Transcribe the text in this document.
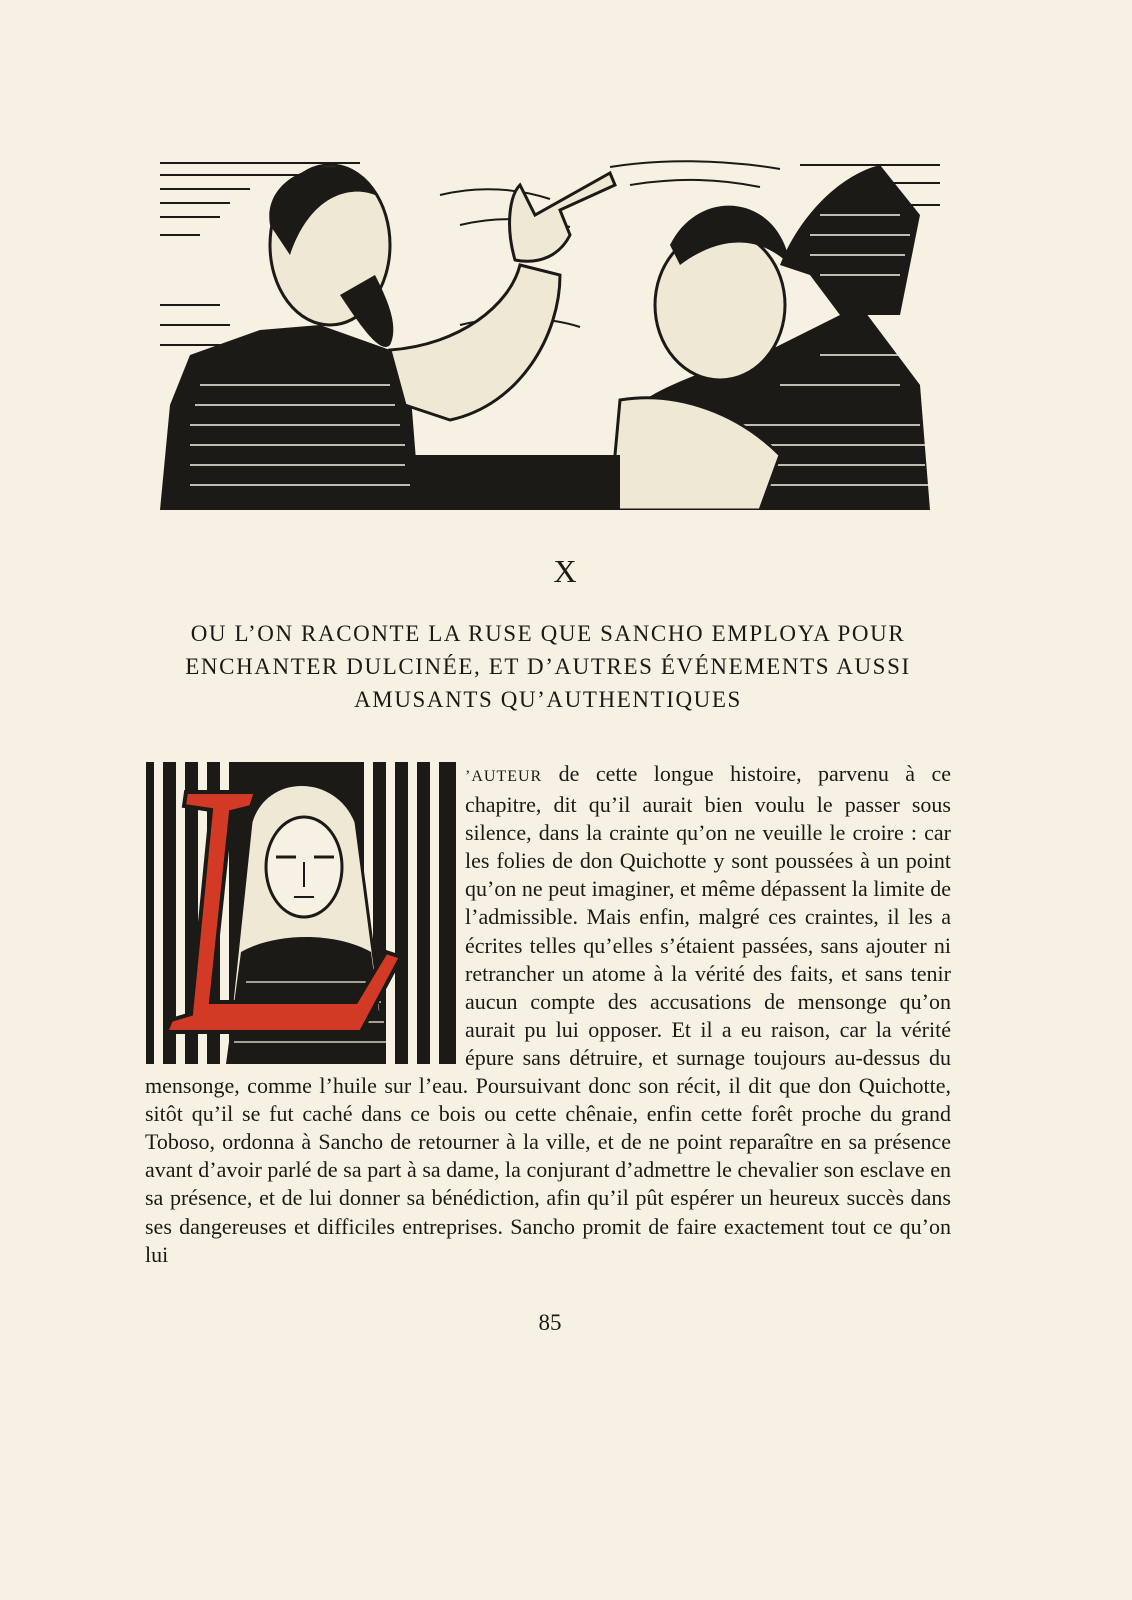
X
OU L’ON RACONTE LA RUSE QUE SANCHO EMPLOYA POUR ENCHANTER DULCINÉE, ET D’AUTRES ÉVÉNEMENTS AUSSI AMUSANTS QU’AUTHENTIQUES
’AUTEUR de cette longue histoire, parvenu à ce chapitre, dit qu’il aurait bien voulu le passer sous silence, dans la crainte qu’on ne veuille le croire : car les folies de don Quichotte y sont poussées à un point qu’on ne peut imaginer, et même dépassent la limite de l’admissible. Mais enfin, malgré ces craintes, il les a écrites telles qu’elles s’étaient passées, sans ajouter ni retrancher un atome à la vérité des faits, et sans tenir aucun compte des accusations de mensonge qu’on aurait pu lui opposer. Et il a eu raison, car la vérité épure sans détruire, et surnage toujours au-dessus du mensonge, comme l’huile sur l’eau. Poursuivant donc son récit, il dit que don Quichotte, sitôt qu’il se fut caché dans ce bois ou cette chênaie, enfin cette forêt proche du grand Toboso, ordonna à Sancho de retourner à la ville, et de ne point reparaître en sa présence avant d’avoir parlé de sa part à sa dame, la conjurant d’admettre le chevalier son esclave en sa présence, et de lui donner sa bénédiction, afin qu’il pût espérer un heureux succès dans ses dangereuses et difficiles entreprises. Sancho promit de faire exactement tout ce qu’on lui
85
